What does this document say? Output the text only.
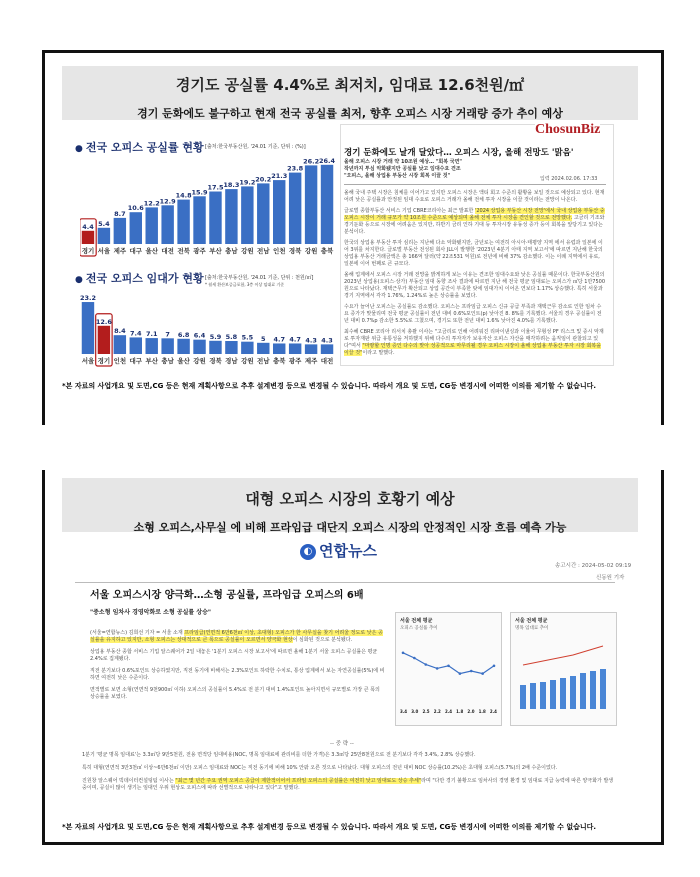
경기도 공실률 4.4%로 최저치, 임대료 12.6천원/㎡
경기 둔화에도 불구하고 현재 전국 공실률 최저, 향후 오피스 시장 거래량 증가 추이 예상
● 전국 오피스 공실률 현황 [출처:한국부동산원, '24.01 기준, 단위 : (%)]
4.4
경기
5.4
서울
8.7
제주
10.6
대구
12.2
울산
12.9
대전
14.8
전북
15.9
광주
17.5
부산
18.3
충남
19.2
강원
20.2
전남
21.3
인천
23.8
경북
26.2
강원
26.4
충북
● 전국 오피스 임대가 현황 [출처:한국부동산원, '24.01 기준, 단위 : 천원/㎡]
* 월세 환산보증금포함, 3층 이상 임대료 기준
23.2
서울
12.6
경기
8.4
인천
7.4
대구
7.1
부산
7
충남
6.8
울산
6.4
강원
5.9
경북
5.8
경남
5.5
강원
5
전남
4.7
충북
4.7
광주
4.3
제주
4.3
대전
ChosunBiz
경기 둔화에도 날개 달았다… 오피스 시장, 올해 전망도 '맑음'
올해 오피스 시장 거래 약 10조원 예상… "회복 국면"
작년까지 투심 악화됐지만 공실률 낮고 임대수요 견조
"오피스, 올해 상업용 부동산 시장 회복 이끌 것"	입력 2024.02.06. 17:33

올해 국내 주택 시장은 침체를 이어가고 있지만 오피스 시장은 액티 회고 수준의 활황을 보일 것으로 예상되고 있다. 현재 어려 낮은 공실률과 안정된 임대 수요로 오피스 거래가 올해 전체 투자 시장을 이끌 것이라는 전망이 나온다.

글로벌 종합부동산 서비스 기업 CBRE코리아는 최근 발표한 '2024 상업용 부동산 시장 전망'에서 국내 상업용 부동산 중 오피스 시장이 거래 규모가 약 10조원 수준으로 예상되며 올해 전체 투자 시장을 견인할 것으로 전망했다. 고금리 기조와 경기둔화 등으로 시장에 어려움은 있지만, 하반기 금리 인하 기대 등 투자시장 유동성 증가 등이 회복을 앞당기고 있다는 분석이다.

한국의 상업용 부동산 투자 심리는 지난해 다소 악화됐지만, 금년로는 여전히 아시아·태평양 지역 에서 유럽과 일본에 이어 3위를 차지한다. 글로벌 부동산 전성된 회사 JLL이 발행한 '2023년 4분기 아태 지역 보고서'에 따르면 지난해 한국의 상업용 부동산 거래금액은 총 166억 달러(약 22조531 억원)로 전년에 비해 37% 감소했다. 이는 이례 지역에서 유로, 일본에 이어 번째로 큰 규모다.

올해 업계에서 오피스 시장 거래 전망을 밝게하게 보는 이유는 견조한 임대수요와 낮은 공실률 때문이다. 한국부동산원의 2023년 상업용(오피스·상가) 부동산 임대 동향 조사 결과에 따르면 지난 해 전국 평균 임대료는 오피스가 ㎡당 1만7500원으로 나타났다. 재택근무가 확산되고 상업 공간이 부족한 탓에 임대가치 이어온 연보다 1.17% 상승했다. 특히 서울과 경기 지역에서 각각 1.76%, 1.24%로 높은 상승률을 보였다.

수요가 늘어난 오피스는 공실률도 감소했다. 오피스는 프라임급 오피스 신규 공급 부족과 재택근무 감소로 인한 임차 수요 증가가 맞물리며 전국 평균 공실률이 전년 대비 0.6%포인트(p) 낮아진 8. 8%를 기록했다. 서울의 경우 공실률이 전년 대비 0.7%p 감소한 5.5%로 그쳤으며, 경기도 또한 전년 대비 1.6% 낮아진 4.0%를 기록했다.

최수혜 CBRE 코리아 리서치 총괄 이사는 "고금리로 인해 어려워진 리파이낸싱과 이율어 무형성 PF 리스크 및 증시 악재로 투자재판 위급 유통성을 저하했지 위해 다수의 투자자가 보유자산 오피스 자산을 매각하려는 움직임이 관찰되고 있다"며서 "마땅할 인명 증인 다수의 맞아 성공적으로 마무리될 경우 오피스 시장이 올해 상업용 부동산 투자 시장 회복을 이끌 것"이라고 말했다.

*본 자료의 사업개요 및 도면,CG 등은 현재 계획사항으로 추후 설계변경 등으로 변경될 수 있습니다. 따라서 개요 및 도면, CG등 변경시에 어떠한 이의를 제기할 수 없습니다.
대형 오피스 시장의 호황기 예상
소형 오피스,사무실 에 비해 프라임급 대단지 오피스 시장의 안정적인 시장 흐름 예측 가능
◐ 연합뉴스
송고시간 : 2024-05-02 09:19
신동원 기자
서울 오피스시장 양극화…소형 공실률, 프라임급 오피스의 6배
"중소형 임차사 경영악화로 소형 공실률 상승"

(서울=연합뉴스) 김희선 기자 = 서울 소재 프라임급(연면적 6만6천㎡ 이상, 초대형) 오피스가 한 사무실을 찾기 어려울 정도로 낮은 공실률을 유지하고 있지만, 소형 오피스는 상대적으로 큰 폭으로 공실률이 오르면서 양극화 현상이 심화된 것으로 분석됐다.

상업용 부동산 종합 서비스 기업 알스퀘어가 2일 내놓은 '1분기 오피스 시장 보고서'에 따르면 올해 1분기 서울 오피스 공실률은 평균 2.4%로 집계됐다.

직전 분기보다 0.6%포인트 상승하였지만, 직전 동기에 비해서는 2.3%포인트 하락한 수치로, 통상 업계에서 보는 자연공실률(5%)에 비하면 여전히 낮은 수준이다.

면적별로 보면 소형(연면적 9천900㎡ 이하) 오피스의 공실률이 5.4%로 전 분기 대비 1.4%포인트 높아지면서 규모별로 가장 큰 폭의 상승률을 보였다.

서울 전체 평균
오피스 공실률 추이
3.4 3.0 2.5 2.2 2.4 1.8 2.0 1.8 2.4
서울 전체 평균
명목 임대료 추이
-- 중 략 --

1분기 '평균 명목 임대료'는 3.3㎡당 9만5천원, 전용 면적당 임대비용(NOC, 명목 임대료에 관리비를 더한 가격)은 3.3㎡당 25만8천원으로 전 분기보다 각각 3.4%, 2.8% 상승했다.

특히 대형(연면적 3만3천㎡ 이상~6만6천㎡ 이만) 오피스 임대료와 NOC는 직전 동기에 비해 10% 안팎 오른 것으로 나타났다. 대형 오피스의 전년 대비 NOC 상승률(10.2%)은 초대형 오피스(5.7%)의 2배 수준이었다.

진원창 알스퀘어 빅데이터컨설팅팀 이사는 "최근 몇 년간 주요 권역 오피스 공급이 제한적이어서 프라임 오피스의 공실률은 여전히 낮고 임대료도 상승 추세"라며 "다만 경기 불황으로 임차사의 경영 환경 및 임대료 지급 능력에 따른 양극화가 발생 중이며, 공실이 많이 생기는 임대인 우위 현상도 오피스에 따라 선별적으로 나타나고 있다"고 말했다.

*본 자료의 사업개요 및 도면,CG 등은 현재 계획사항으로 추후 설계변경 등으로 변경될 수 있습니다. 따라서 개요 및 도면, CG등 변경시에 어떠한 이의를 제기할 수 없습니다.
